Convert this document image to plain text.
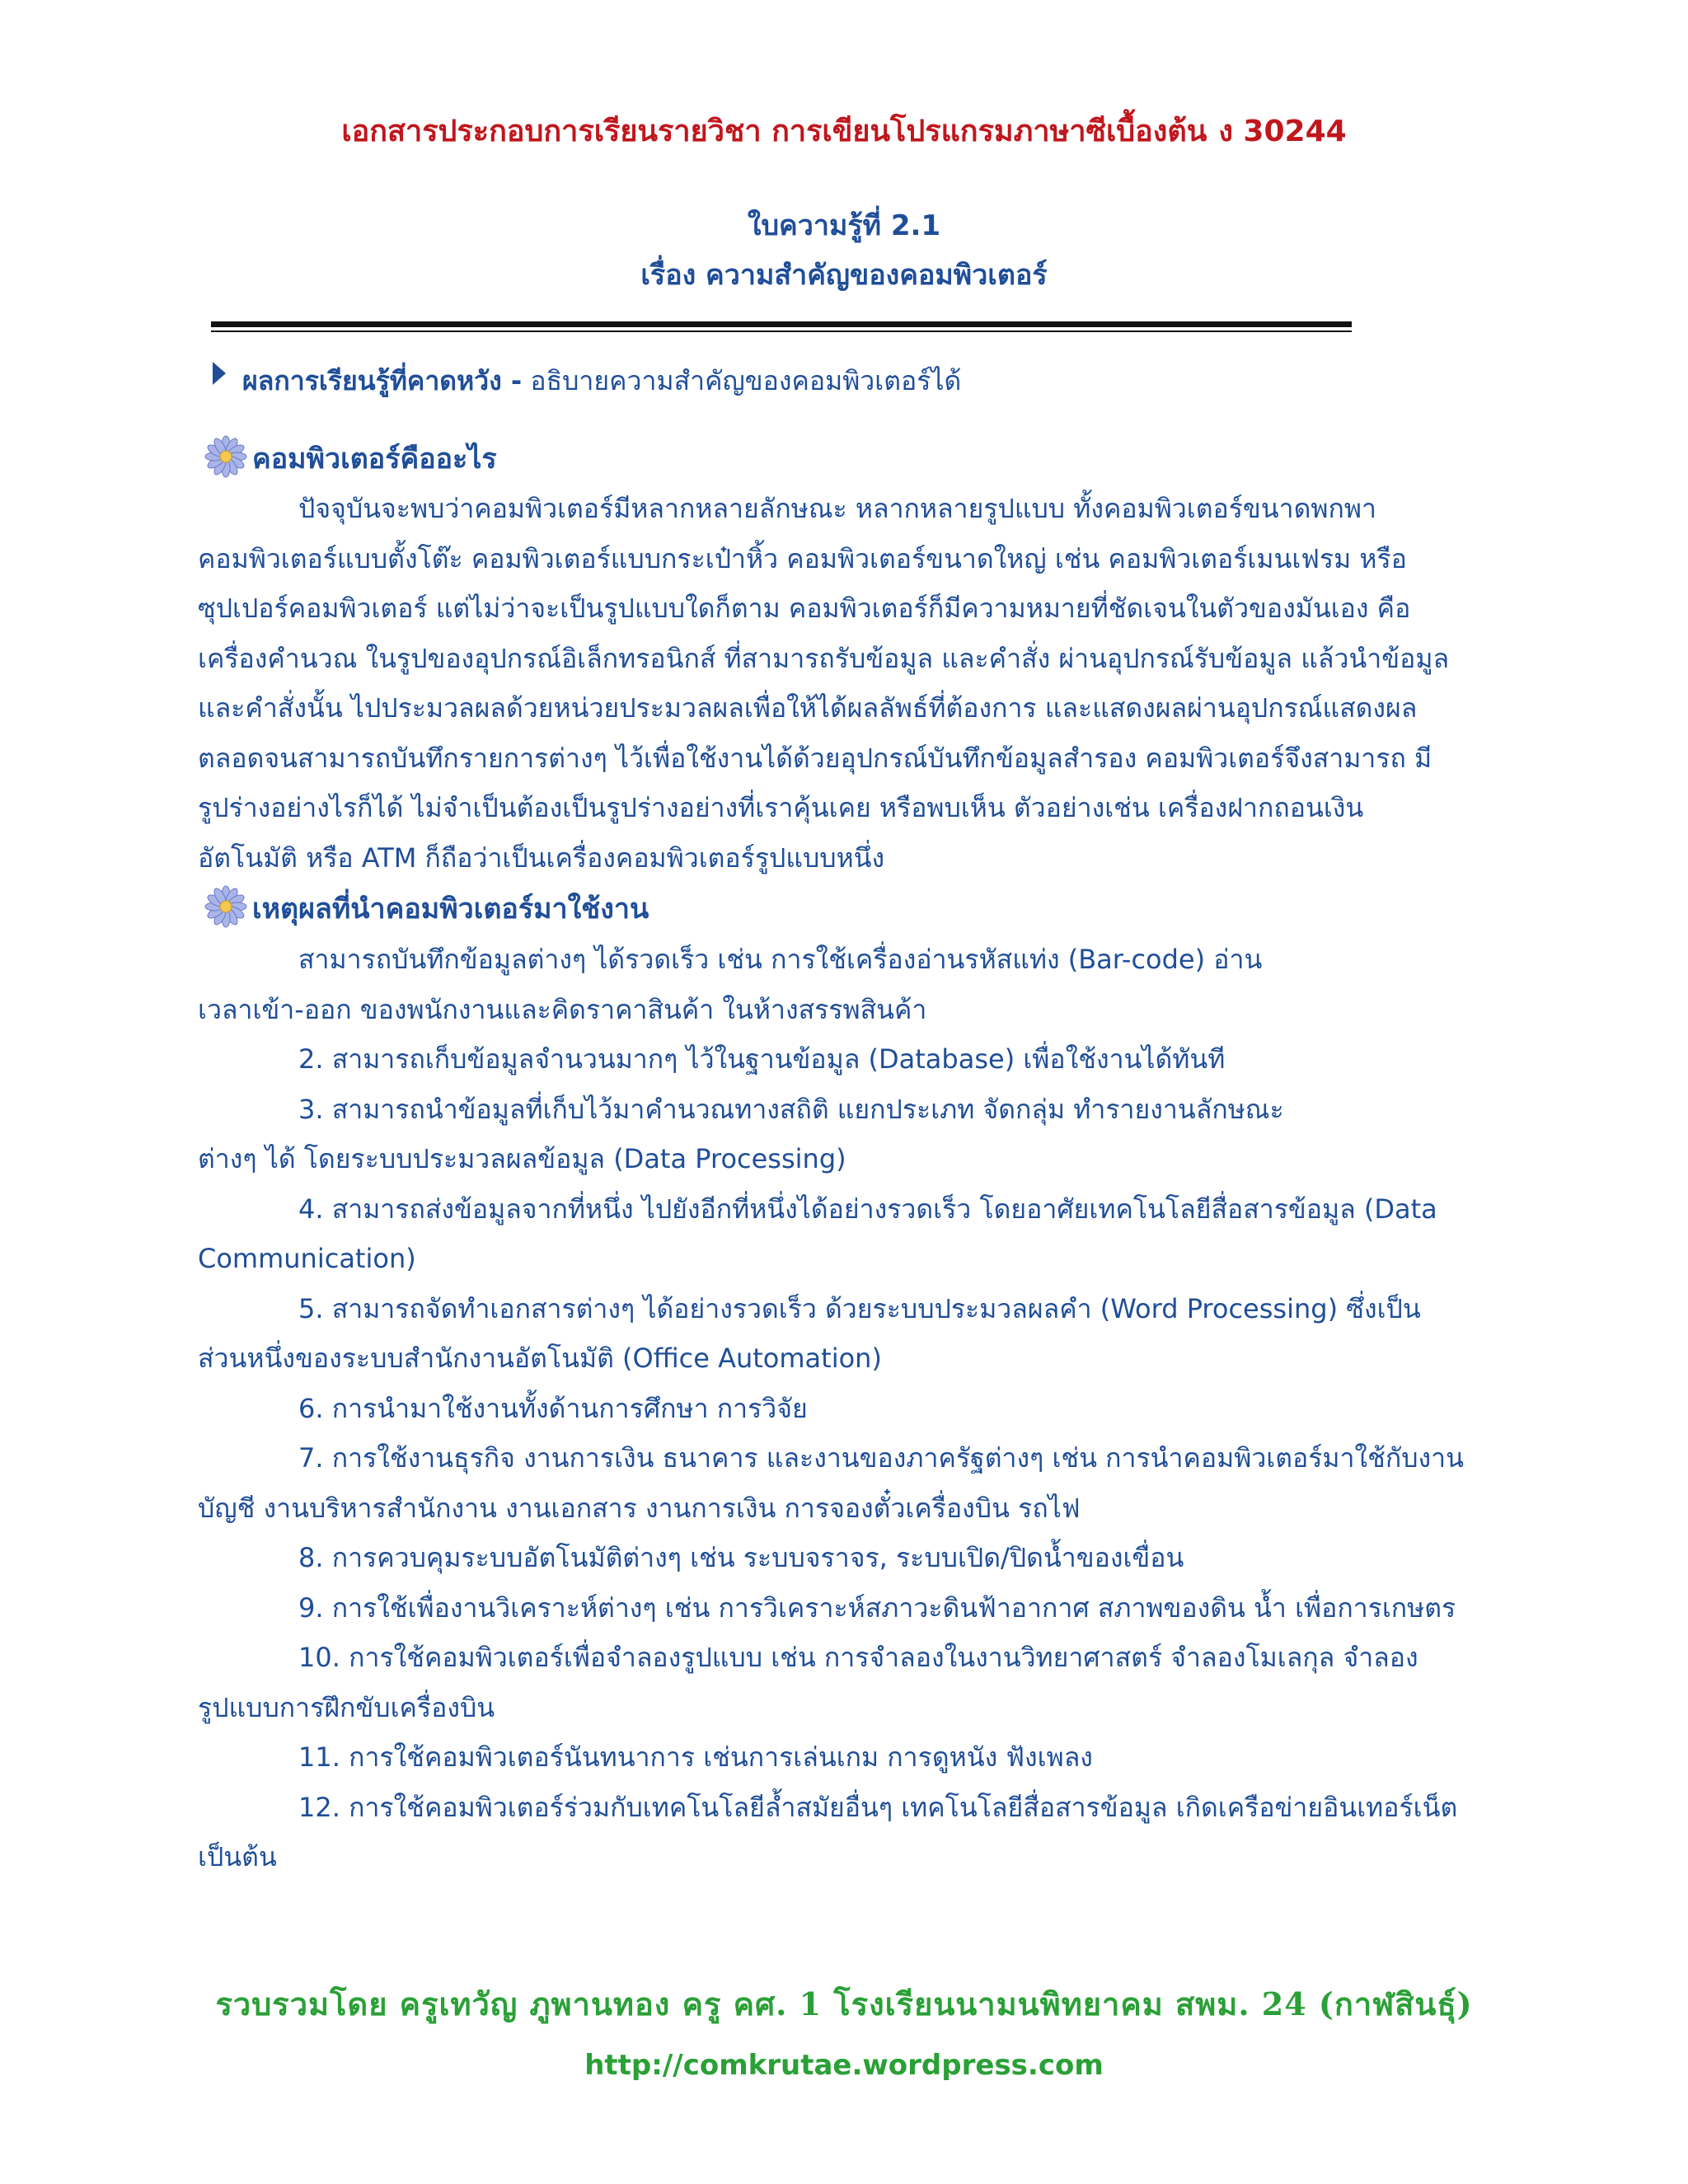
เอกสารประกอบการเรียนรายวิชา การเขียนโปรแกรมภาษาซีเบื้องต้น ง 30244
ใบความรู้ที่ 2.1
เรื่อง ความสำคัญของคอมพิวเตอร์
ผลการเรียนรู้ที่คาดหวัง - อธิบายความสำคัญของคอมพิวเตอร์ได้
คอมพิวเตอร์คืออะไร
ปัจจุบันจะพบว่าคอมพิวเตอร์มีหลากหลายลักษณะ หลากหลายรูปแบบ ทั้งคอมพิวเตอร์ขนาดพกพา
คอมพิวเตอร์แบบตั้งโต๊ะ คอมพิวเตอร์แบบกระเป๋าหิ้ว คอมพิวเตอร์ขนาดใหญ่ เช่น คอมพิวเตอร์เมนเฟรม หรือ
ซุปเปอร์คอมพิวเตอร์ แต่ไม่ว่าจะเป็นรูปแบบใดก็ตาม คอมพิวเตอร์ก็มีความหมายที่ชัดเจนในตัวของมันเอง คือ
เครื่องคำนวณ ในรูปของอุปกรณ์อิเล็กทรอนิกส์ ที่สามารถรับข้อมูล และคำสั่ง ผ่านอุปกรณ์รับข้อมูล แล้วนำข้อมูล
และคำสั่งนั้น ไปประมวลผลด้วยหน่วยประมวลผลเพื่อให้ได้ผลลัพธ์ที่ต้องการ และแสดงผลผ่านอุปกรณ์แสดงผล
ตลอดจนสามารถบันทึกรายการต่างๆ ไว้เพื่อใช้งานได้ด้วยอุปกรณ์บันทึกข้อมูลสำรอง คอมพิวเตอร์จึงสามารถ มี
รูปร่างอย่างไรก็ได้ ไม่จำเป็นต้องเป็นรูปร่างอย่างที่เราคุ้นเคย หรือพบเห็น ตัวอย่างเช่น เครื่องฝากถอนเงิน
อัตโนมัติ หรือ ATM ก็ถือว่าเป็นเครื่องคอมพิวเตอร์รูปแบบหนึ่ง
เหตุผลที่นำคอมพิวเตอร์มาใช้งาน
สามารถบันทึกข้อมูลต่างๆ ได้รวดเร็ว เช่น การใช้เครื่องอ่านรหัสแท่ง (Bar-code) อ่าน
เวลาเข้า-ออก ของพนักงานและคิดราคาสินค้า ในห้างสรรพสินค้า
2. สามารถเก็บข้อมูลจำนวนมากๆ ไว้ในฐานข้อมูล (Database) เพื่อใช้งานได้ทันที
3. สามารถนำข้อมูลที่เก็บไว้มาคำนวณทางสถิติ แยกประเภท จัดกลุ่ม ทำรายงานลักษณะ
ต่างๆ ได้ โดยระบบประมวลผลข้อมูล (Data Processing)
4. สามารถส่งข้อมูลจากที่หนึ่ง ไปยังอีกที่หนึ่งได้อย่างรวดเร็ว โดยอาศัยเทคโนโลยีสื่อสารข้อมูล (Data
Communication)
5. สามารถจัดทำเอกสารต่างๆ ได้อย่างรวดเร็ว ด้วยระบบประมวลผลคำ (Word Processing) ซึ่งเป็น
ส่วนหนึ่งของระบบสำนักงานอัตโนมัติ (Office Automation)
6. การนำมาใช้งานทั้งด้านการศึกษา การวิจัย
7. การใช้งานธุรกิจ งานการเงิน ธนาคาร และงานของภาครัฐต่างๆ เช่น การนำคอมพิวเตอร์มาใช้กับงาน
บัญชี งานบริหารสำนักงาน งานเอกสาร งานการเงิน การจองตั๋วเครื่องบิน รถไฟ
8. การควบคุมระบบอัตโนมัติต่างๆ เช่น ระบบจราจร, ระบบเปิด/ปิดน้ำของเขื่อน
9. การใช้เพื่องานวิเคราะห์ต่างๆ เช่น การวิเคราะห์สภาวะดินฟ้าอากาศ สภาพของดิน น้ำ เพื่อการเกษตร
10. การใช้คอมพิวเตอร์เพื่อจำลองรูปแบบ เช่น การจำลองในงานวิทยาศาสตร์ จำลองโมเลกุล จำลอง
รูปแบบการฝึกขับเครื่องบิน
11. การใช้คอมพิวเตอร์นันทนาการ เช่นการเล่นเกม การดูหนัง ฟังเพลง
12. การใช้คอมพิวเตอร์ร่วมกับเทคโนโลยีล้ำสมัยอื่นๆ เทคโนโลยีสื่อสารข้อมูล เกิดเครือข่ายอินเทอร์เน็ต
เป็นต้น
รวบรวมโดย ครูเทวัญ ภูพานทอง ครู คศ. 1 โรงเรียนนามนพิทยาคม สพม. 24 (กาฬสินธุ์)
http://comkrutae.wordpress.com
